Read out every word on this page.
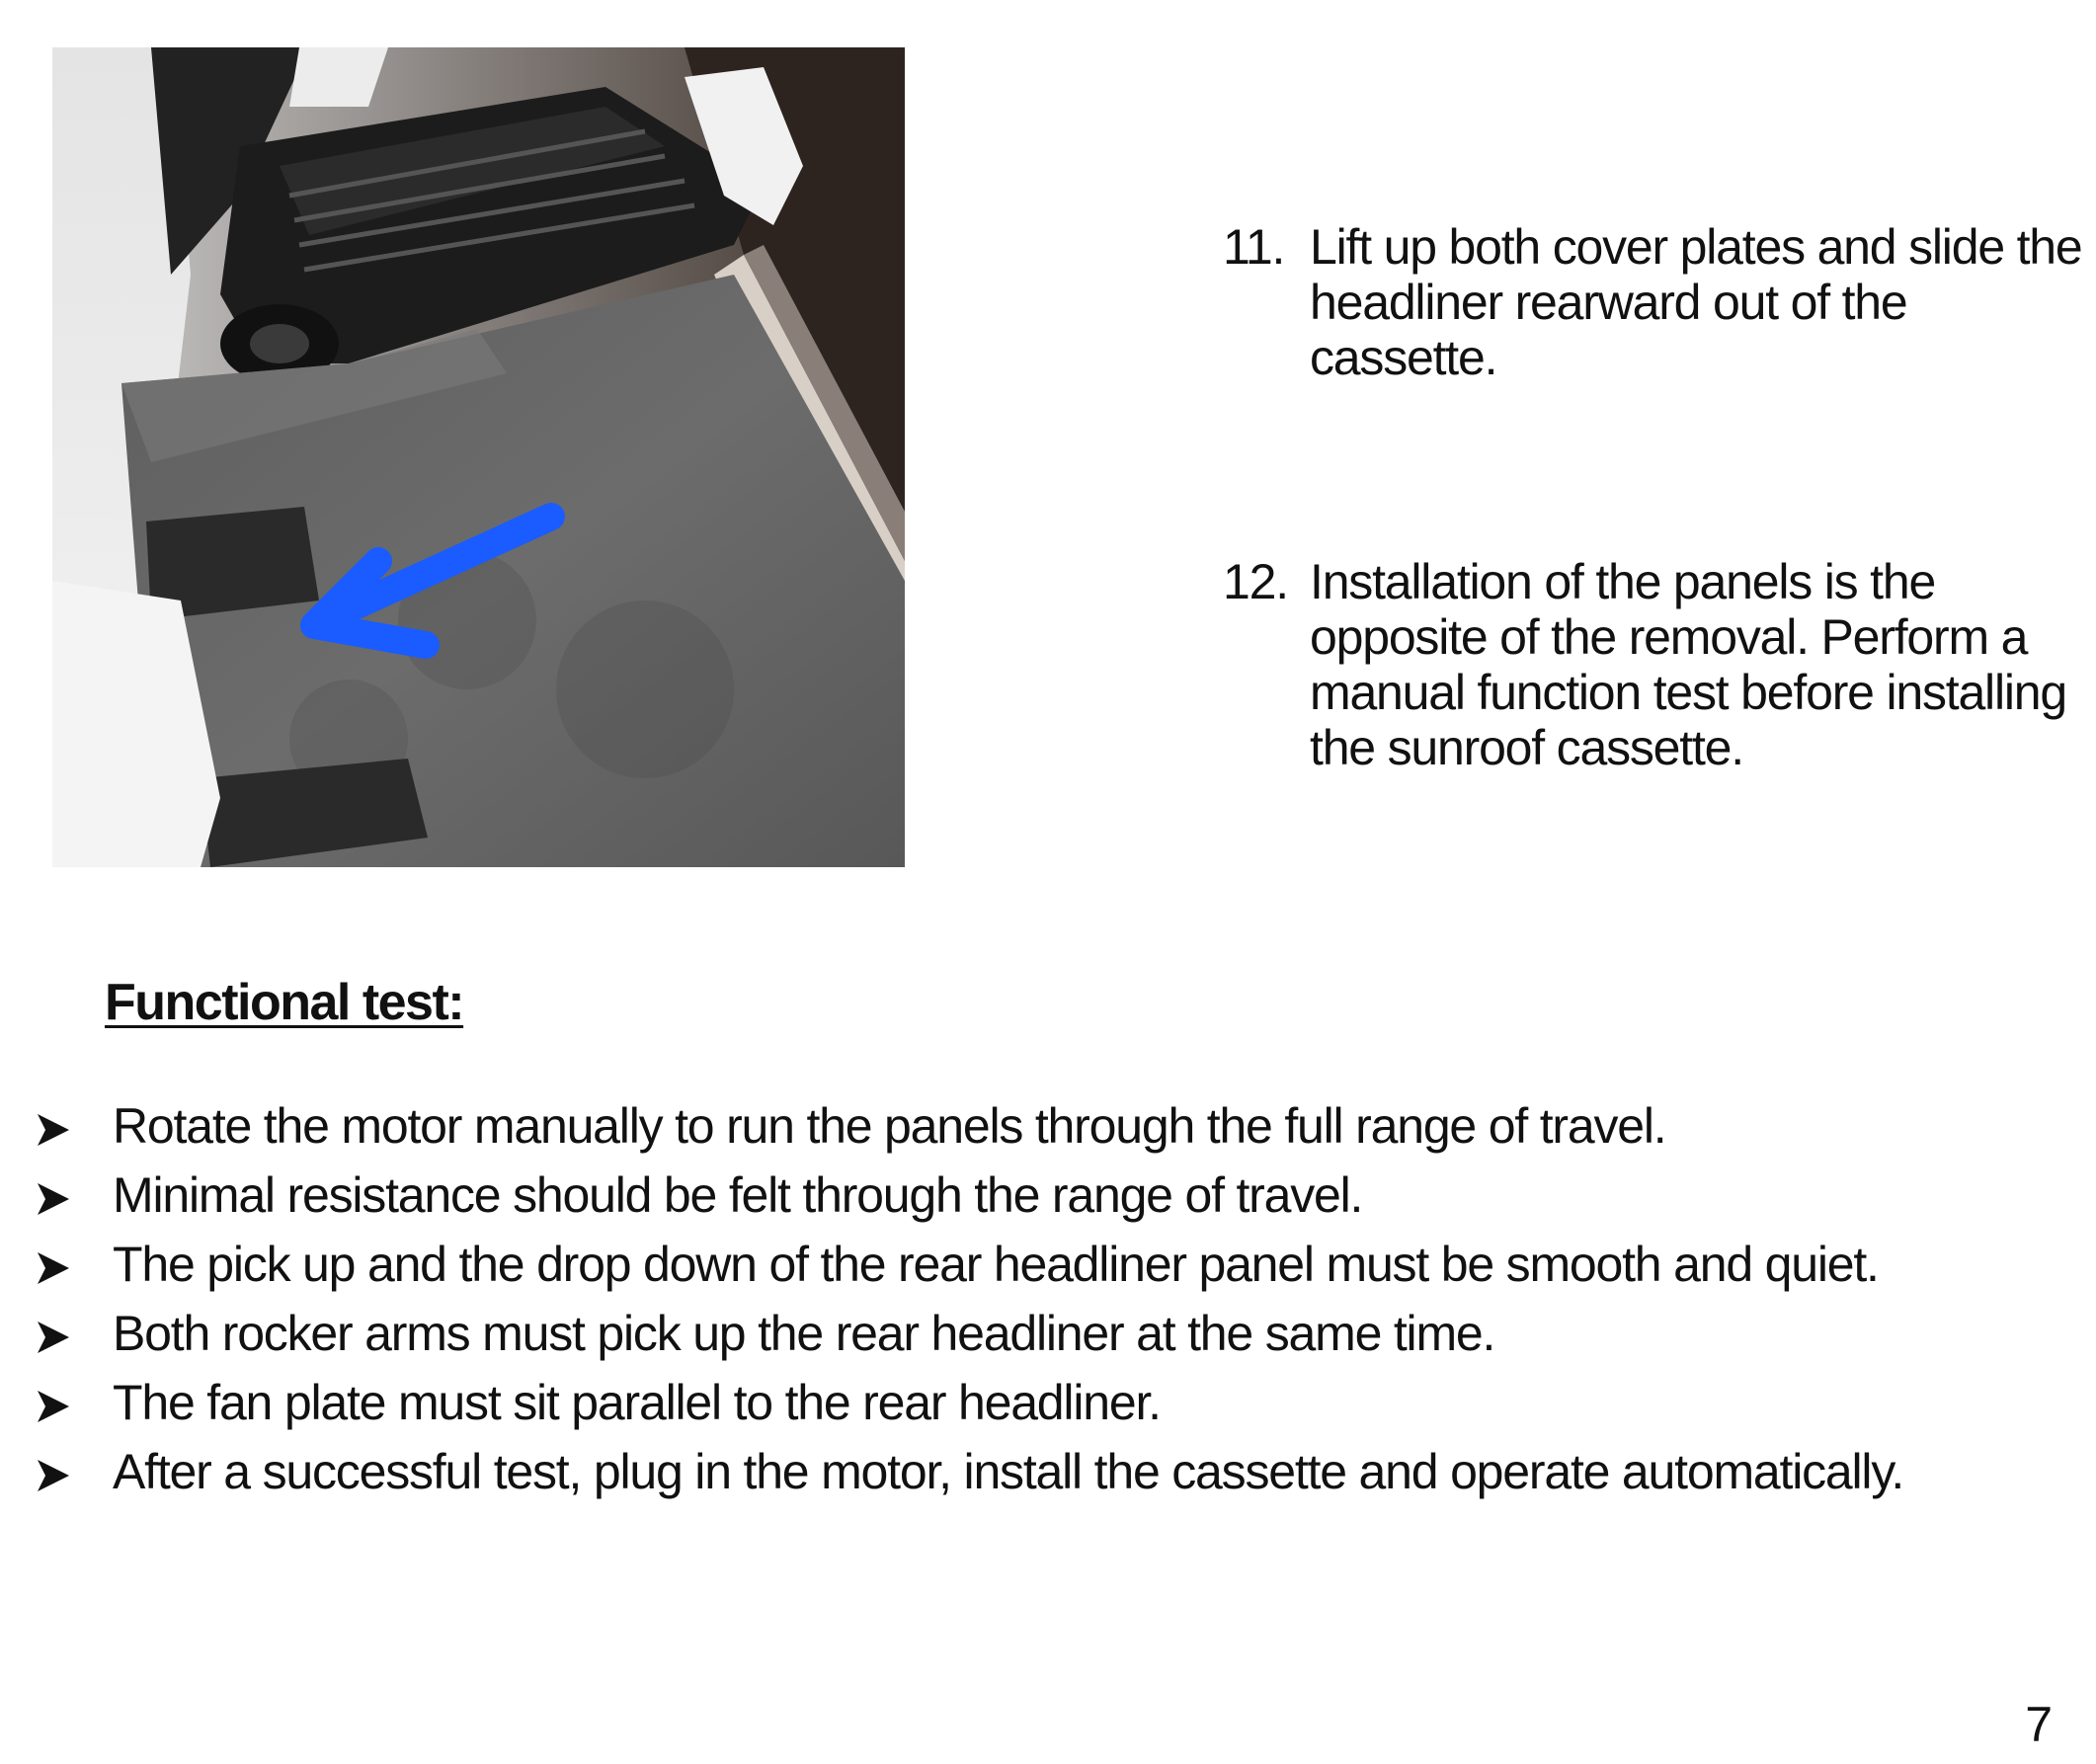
11. Lift up both cover plates and slide the headliner rearward out of the cassette.
12. Installation of the panels is the opposite of the removal. Perform a manual function test before installing the sunroof cassette.
Functional test:
Rotate the motor manually to run the panels through the full range of travel.
Minimal resistance should be felt through the range of travel.
The pick up and the drop down of the rear headliner panel must be smooth and quiet.
Both rocker arms must pick up the rear headliner at the same time.
The fan plate must sit parallel to the rear headliner.
After a successful test, plug in the motor, install the cassette and operate automatically.
7
